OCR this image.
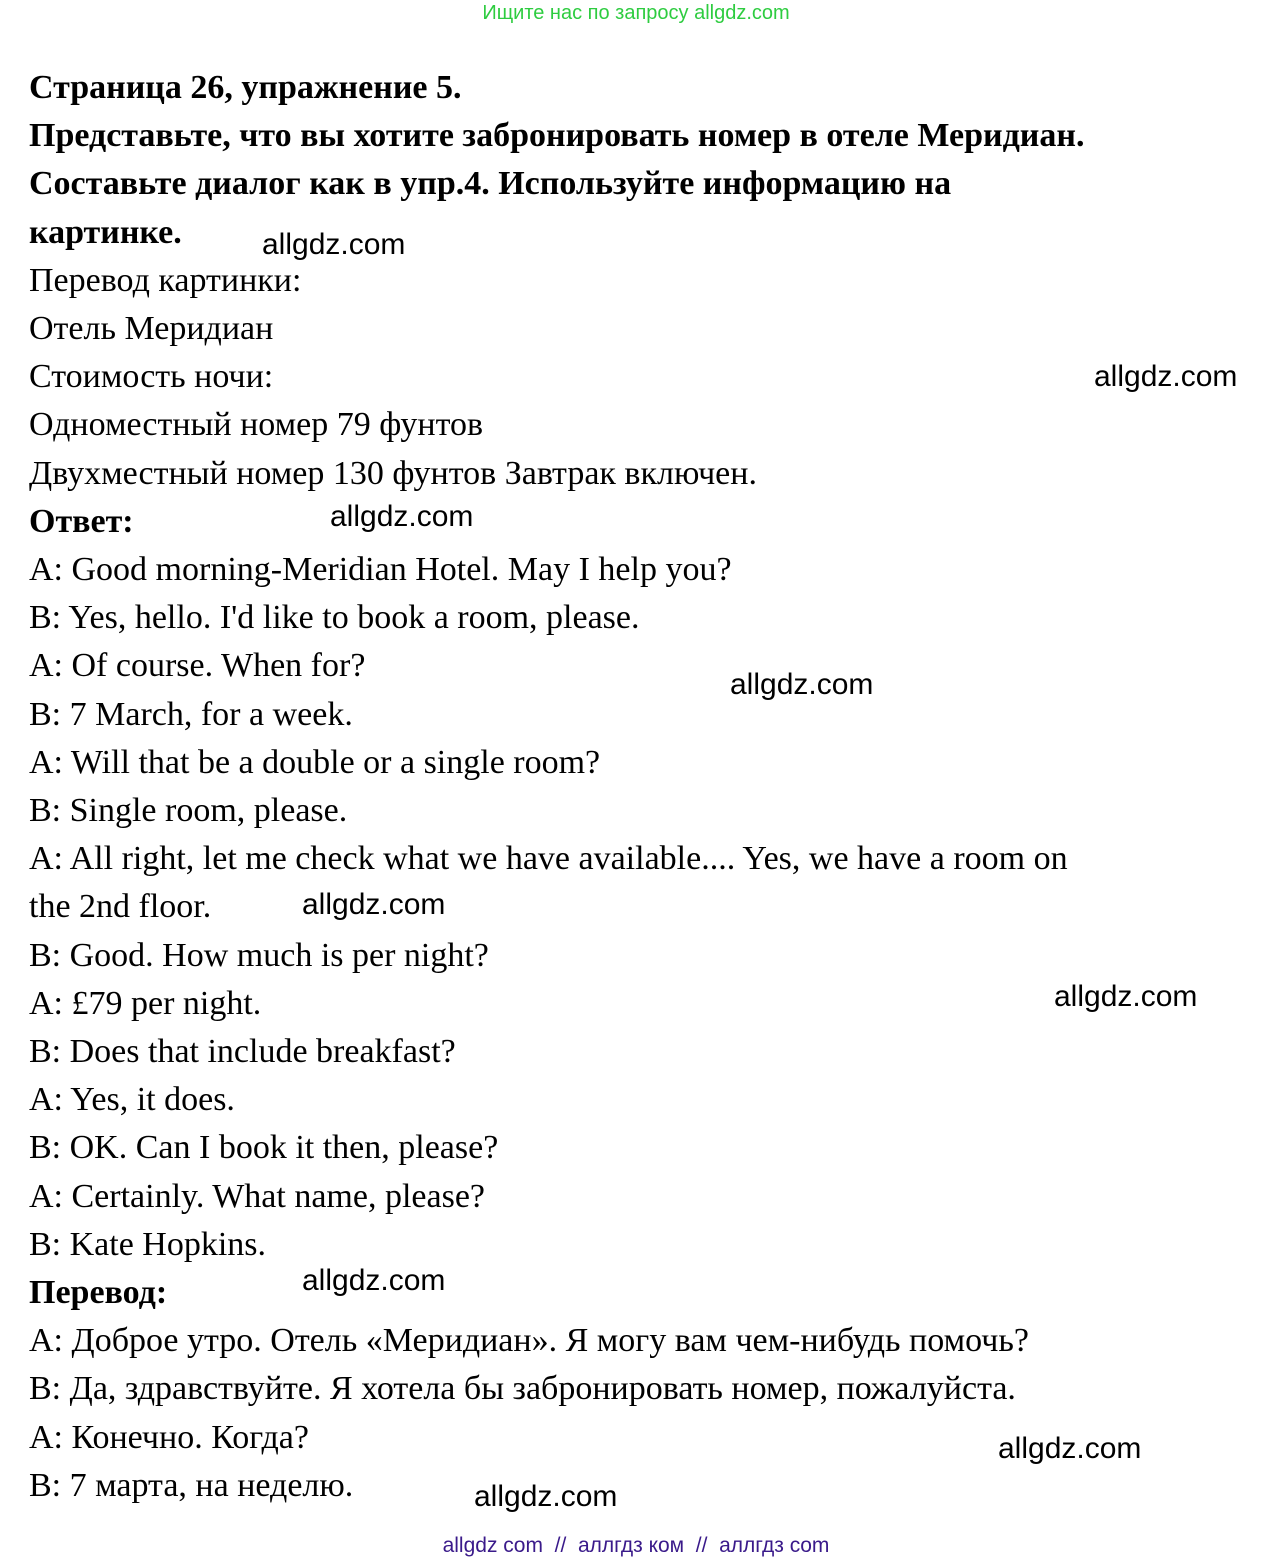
Ищите нас по запросу allgdz.com
Страница 26, упражнение 5.
Представьте, что вы хотите забронировать номер в отеле Меридиан.
Составьте диалог как в упр.4. Используйте информацию на
картинке.
Перевод картинки:
Отель Меридиан
Стоимость ночи:
Одноместный номер 79 фунтов
Двухместный номер 130 фунтов Завтрак включен.
Ответ:
A: Good morning-Meridian Hotel. May I help you?
B: Yes, hello. I'd like to book a room, please.
A: Of course. When for?
B: 7 March, for a week.
A: Will that be a double or a single room?
B: Single room, please.
A: All right, let me check what we have available.... Yes, we have a room on
the 2nd floor.
B: Good. How much is per night?
A: £79 per night.
B: Does that include breakfast?
A: Yes, it does.
B: OK. Can I book it then, please?
A: Certainly. What name, please?
B: Kate Hopkins.
Перевод:
A: Доброе утро. Отель «Меридиан». Я могу вам чем-нибудь помочь?
B: Да, здравствуйте. Я хотела бы забронировать номер, пожалуйста.
A: Конечно. Когда?
B: 7 марта, на неделю.
allgdz.com
allgdz.com
allgdz.com
allgdz.com
allgdz.com
allgdz.com
allgdz.com
allgdz.com
allgdz.com
allgdz com  //  аллгдз ком  //  аллгдз com
